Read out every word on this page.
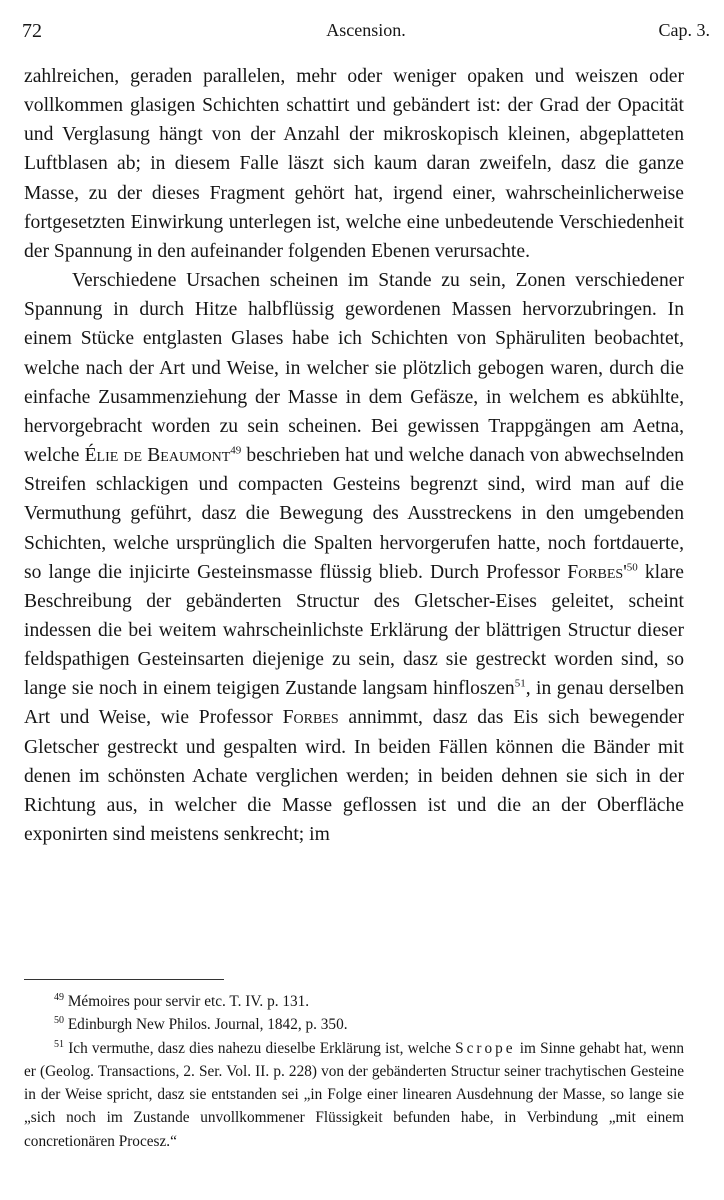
72	Ascension.	Cap. 3.

zahlreichen, geraden parallelen, mehr oder weniger opaken und weiszen oder vollkommen glasigen Schichten schattirt und gebändert ist: der Grad der Opacität und Verglasung hängt von der Anzahl der mikroskopisch kleinen, abgeplatteten Luftblasen ab; in diesem Falle läszt sich kaum daran zweifeln, dasz die ganze Masse, zu der dieses Fragment gehört hat, irgend einer, wahrscheinlicherweise fortgesetzten Einwirkung unterlegen ist, welche eine unbedeutende Verschiedenheit der Spannung in den aufeinander folgenden Ebenen verursachte.

Verschiedene Ursachen scheinen im Stande zu sein, Zonen verschiedener Spannung in durch Hitze halbflüssig gewordenen Massen hervorzubringen. In einem Stücke entglasten Glases habe ich Schichten von Sphäruliten beobachtet, welche nach der Art und Weise, in welcher sie plötzlich gebogen waren, durch die einfache Zusammenziehung der Masse in dem Gefäsze, in welchem es abkühlte, hervorgebracht worden zu sein scheinen. Bei gewissen Trappgängen am Aetna, welche Élie de Beaumont$^{49}$ beschrieben hat und welche danach von abwechselnden Streifen schlackigen und compacten Gesteins begrenzt sind, wird man auf die Vermuthung geführt, dasz die Bewegung des Ausstreckens in den umgebenden Schichten, welche ursprünglich die Spalten hervorgerufen hatte, noch fortdauerte, so lange die injicirte Gesteinsmasse flüssig blieb. Durch Professor $Forbes'^{50}$ klare Beschreibung der gebänderten Structur des Gletscher-Eises geleitet, scheint indessen die bei weitem wahrscheinlichste Erklärung der blättrigen Structur dieser feldspathigen Gesteinsarten diejenige zu sein, dasz sie gestreckt worden sind, so lange sie noch in einem teigigen Zustande langsam hinfloszen$^{51}$, in genau derselben Art und Weise, wie Professor Forbes annimmt, dasz das Eis sich bewegender Gletscher gestreckt und gespalten wird. In beiden Fällen können die Bänder mit denen im schönsten Achate verglichen werden; in beiden dehnen sie sich in der Richtung aus, in welcher die Masse geflossen ist und die an der Oberfläche exponirten sind meistens senkrecht; im

$^{49}$ Mémoires pour servir etc. T. IV. p. 131.

$^{50}$ Edinburgh New Philos. Journal, 1842, p. 350.

$^{51}$ Ich vermuthe, dasz dies nahezu dieselbe Erklärung ist, welche Scrope im Sinne gehabt hat, wenn er (Geolog. Transactions, 2. Ser. Vol. II. p. 228) von der gebänderten Structur seiner trachytischen Gesteine in der Weise spricht, dasz sie entstanden sei „in Folge einer linearen Ausdehnung der Masse, so lange sie „sich noch im Zustande unvollkommener Flüssigkeit befunden habe, in Verbindung „mit einem concretionären Procesz.“
